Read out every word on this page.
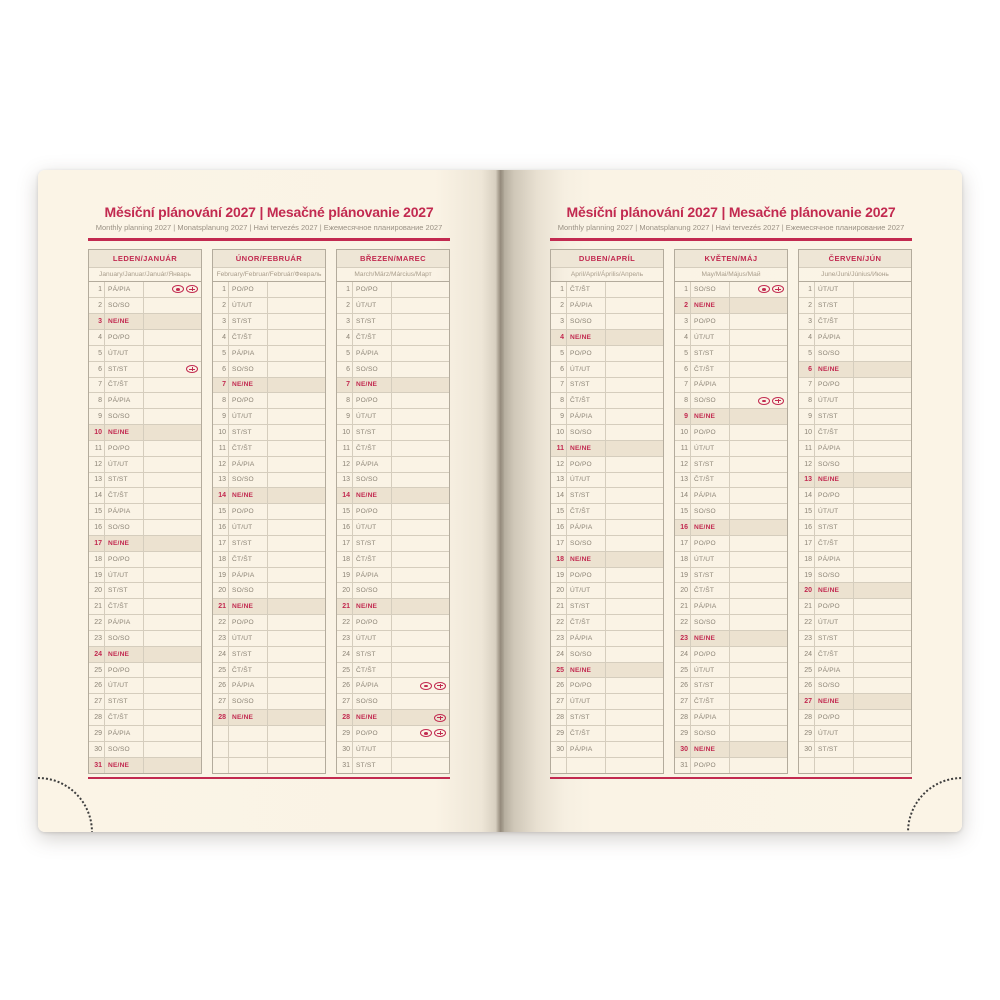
Měsíční plánování 2027 | Mesačné plánovanie 2027
Monthly planning 2027 | Monatsplanung 2027 | Havi tervezés 2027 | Ежемесячное планирование 2027
LEDEN/JANUÁR
January/Januar/Január/Январь
1 PÁ/PIA
2 SO/SO
3 NE/NE
4 PO/PO
5 ÚT/UT
6 ST/ST
7 ČT/ŠT
8 PÁ/PIA
9 SO/SO
10 NE/NE
11 PO/PO
12 ÚT/UT
13 ST/ST
14 ČT/ŠT
15 PÁ/PIA
16 SO/SO
17 NE/NE
18 PO/PO
19 ÚT/UT
20 ST/ST
21 ČT/ŠT
22 PÁ/PIA
23 SO/SO
24 NE/NE
25 PO/PO
26 ÚT/UT
27 ST/ST
28 ČT/ŠT
29 PÁ/PIA
30 SO/SO
31 NE/NE
ÚNOR/FEBRUÁR
February/Februar/Február/Февраль
1 PO/PO
2 ÚT/UT
3 ST/ST
4 ČT/ŠT
5 PÁ/PIA
6 SO/SO
7 NE/NE
8 PO/PO
9 ÚT/UT
10 ST/ST
11 ČT/ŠT
12 PÁ/PIA
13 SO/SO
14 NE/NE
15 PO/PO
16 ÚT/UT
17 ST/ST
18 ČT/ŠT
19 PÁ/PIA
20 SO/SO
21 NE/NE
22 PO/PO
23 ÚT/UT
24 ST/ST
25 ČT/ŠT
26 PÁ/PIA
27 SO/SO
28 NE/NE
BŘEZEN/MAREC
March/März/Március/Март
1 PO/PO
2 ÚT/UT
3 ST/ST
4 ČT/ŠT
5 PÁ/PIA
6 SO/SO
7 NE/NE
8 PO/PO
9 ÚT/UT
10 ST/ST
11 ČT/ŠT
12 PÁ/PIA
13 SO/SO
14 NE/NE
15 PO/PO
16 ÚT/UT
17 ST/ST
18 ČT/ŠT
19 PÁ/PIA
20 SO/SO
21 NE/NE
22 PO/PO
23 ÚT/UT
24 ST/ST
25 ČT/ŠT
26 PÁ/PIA
27 SO/SO
28 NE/NE
29 PO/PO
30 ÚT/UT
31 ST/ST
Měsíční plánování 2027 | Mesačné plánovanie 2027
Monthly planning 2027 | Monatsplanung 2027 | Havi tervezés 2027 | Ежемесячное планирование 2027
DUBEN/APRÍL
April/April/Április/Апрель
1 ČT/ŠT
2 PÁ/PIA
3 SO/SO
4 NE/NE
5 PO/PO
6 ÚT/UT
7 ST/ST
8 ČT/ŠT
9 PÁ/PIA
10 SO/SO
11 NE/NE
12 PO/PO
13 ÚT/UT
14 ST/ST
15 ČT/ŠT
16 PÁ/PIA
17 SO/SO
18 NE/NE
19 PO/PO
20 ÚT/UT
21 ST/ST
22 ČT/ŠT
23 PÁ/PIA
24 SO/SO
25 NE/NE
26 PO/PO
27 ÚT/UT
28 ST/ST
29 ČT/ŠT
30 PÁ/PIA
KVĚTEN/MÁJ
May/Mai/Május/Май
1 SO/SO
2 NE/NE
3 PO/PO
4 ÚT/UT
5 ST/ST
6 ČT/ŠT
7 PÁ/PIA
8 SO/SO
9 NE/NE
10 PO/PO
11 ÚT/UT
12 ST/ST
13 ČT/ŠT
14 PÁ/PIA
15 SO/SO
16 NE/NE
17 PO/PO
18 ÚT/UT
19 ST/ST
20 ČT/ŠT
21 PÁ/PIA
22 SO/SO
23 NE/NE
24 PO/PO
25 ÚT/UT
26 ST/ST
27 ČT/ŠT
28 PÁ/PIA
29 SO/SO
30 NE/NE
31 PO/PO
ČERVEN/JÚN
June/Juni/Június/Июнь
1 ÚT/UT
2 ST/ST
3 ČT/ŠT
4 PÁ/PIA
5 SO/SO
6 NE/NE
7 PO/PO
8 ÚT/UT
9 ST/ST
10 ČT/ŠT
11 PÁ/PIA
12 SO/SO
13 NE/NE
14 PO/PO
15 ÚT/UT
16 ST/ST
17 ČT/ŠT
18 PÁ/PIA
19 SO/SO
20 NE/NE
21 PO/PO
22 ÚT/UT
23 ST/ST
24 ČT/ŠT
25 PÁ/PIA
26 SO/SO
27 NE/NE
28 PO/PO
29 ÚT/UT
30 ST/ST
